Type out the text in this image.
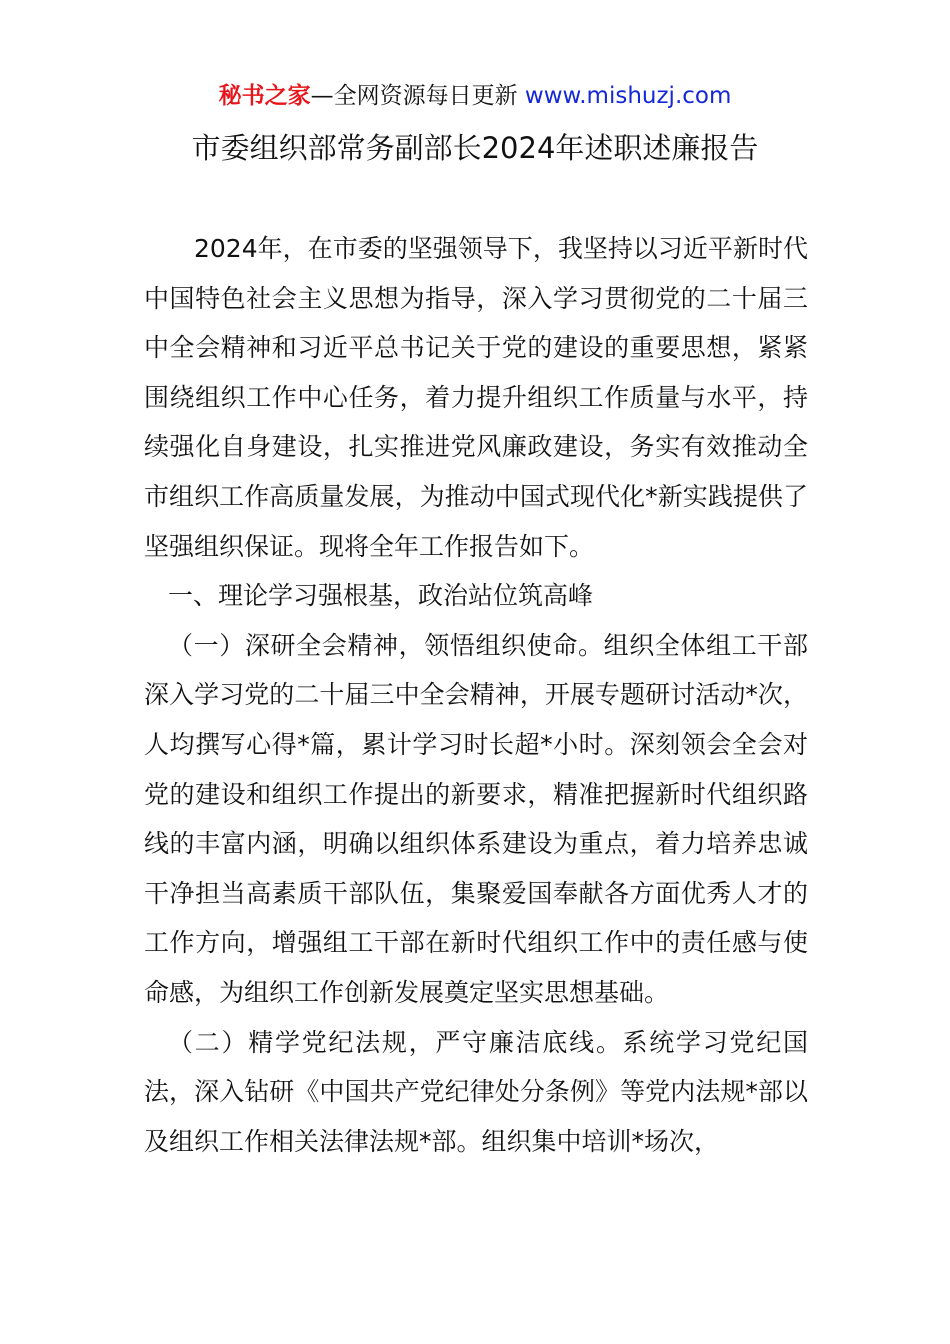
秘书之家—全网资源每日更新 www.mishuzj.com
市委组织部常务副部长2024年述职述廉报告

2024年，在市委的坚强领导下，我坚持以习近平新时代中国特色社会主义思想为指导，深入学习贯彻党的二十届三中全会精神和习近平总书记关于党的建设的重要思想，紧紧围绕组织工作中心任务，着力提升组织工作质量与水平，持续强化自身建设，扎实推进党风廉政建设，务实有效推动全市组织工作高质量发展，为推动中国式现代化*新实践提供了坚强组织保证。现将全年工作报告如下。

一、理论学习强根基，政治站位筑高峰

（一）深研全会精神，领悟组织使命。组织全体组工干部深入学习党的二十届三中全会精神，开展专题研讨活动*次，人均撰写心得*篇，累计学习时长超*小时。深刻领会全会对党的建设和组织工作提出的新要求，精准把握新时代组织路线的丰富内涵，明确以组织体系建设为重点，着力培养忠诚干净担当高素质干部队伍，集聚爱国奉献各方面优秀人才的工作方向，增强组工干部在新时代组织工作中的责任感与使命感，为组织工作创新发展奠定坚实思想基础。

（二）精学党纪法规，严守廉洁底线。系统学习党纪国法，深入钻研《中国共产党纪律处分条例》等党内法规*部以及组织工作相关法律法规*部。组织集中培训*场次，
